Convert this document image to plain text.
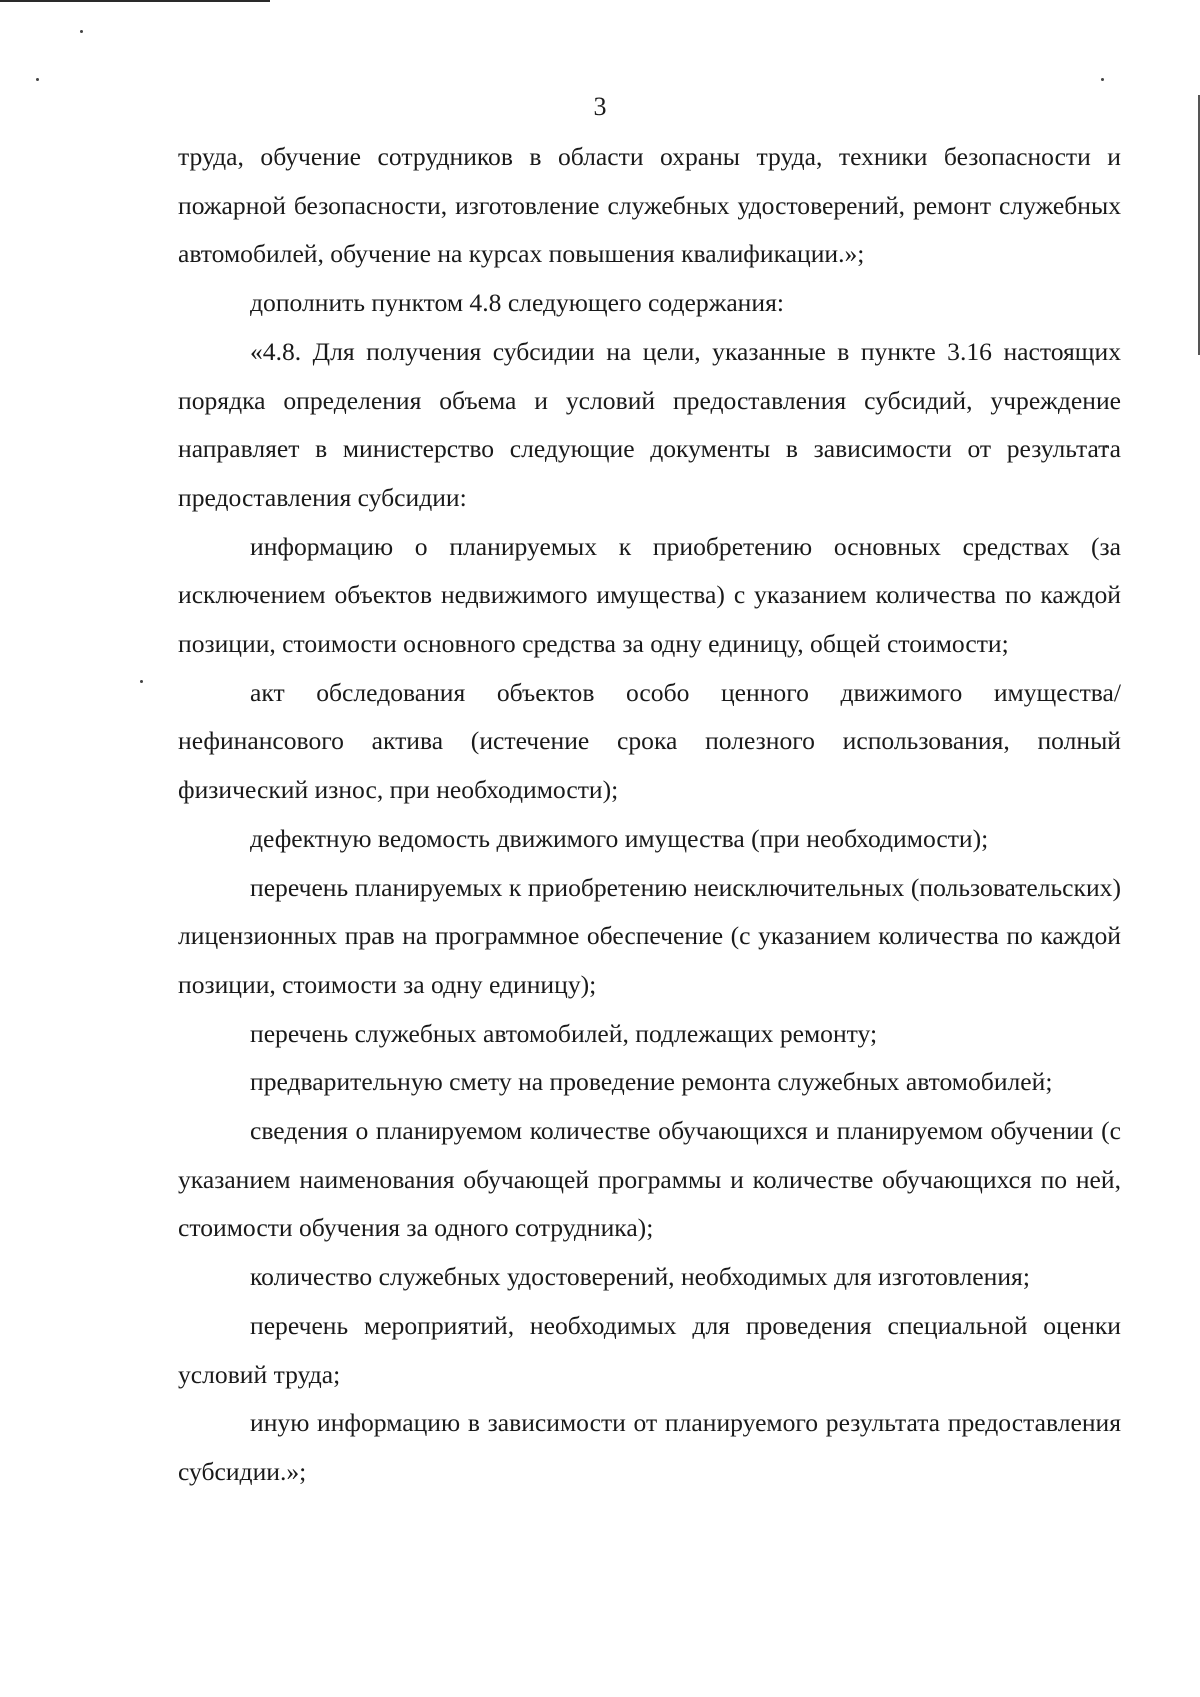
3

труда, обучение сотрудников в области охраны труда, техники безопасности и пожарной безопасности, изготовление служебных удостоверений, ремонт служебных автомобилей, обучение на курсах повышения квалификации.»;

дополнить пунктом 4.8 следующего содержания:

«4.8. Для получения субсидии на цели, указанные в пункте 3.16 настоящих порядка определения объема и условий предоставления субсидий, учреждение направляет в министерство следующие документы в зависимости от результата предоставления субсидии:

информацию о планируемых к приобретению основных средствах (за исключением объектов недвижимого имущества) с указанием количества по каждой позиции, стоимости основного средства за одну единицу, общей стоимости;

акт обследования объектов особо ценного движимого имущества/нефинансового актива (истечение срока полезного использования, полный физический износ, при необходимости);

дефектную ведомость движимого имущества (при необходимости);

перечень планируемых к приобретению неисключительных (пользовательских) лицензионных прав на программное обеспечение (с указанием количества по каждой позиции, стоимости за одну единицу);

перечень служебных автомобилей, подлежащих ремонту;

предварительную смету на проведение ремонта служебных автомобилей;

сведения о планируемом количестве обучающихся и планируемом обучении (с указанием наименования обучающей программы и количестве обучающихся по ней, стоимости обучения за одного сотрудника);

количество служебных удостоверений, необходимых для изготовления;

перечень мероприятий, необходимых для проведения специальной оценки условий труда;

иную информацию в зависимости от планируемого результата предоставления субсидии.»;
